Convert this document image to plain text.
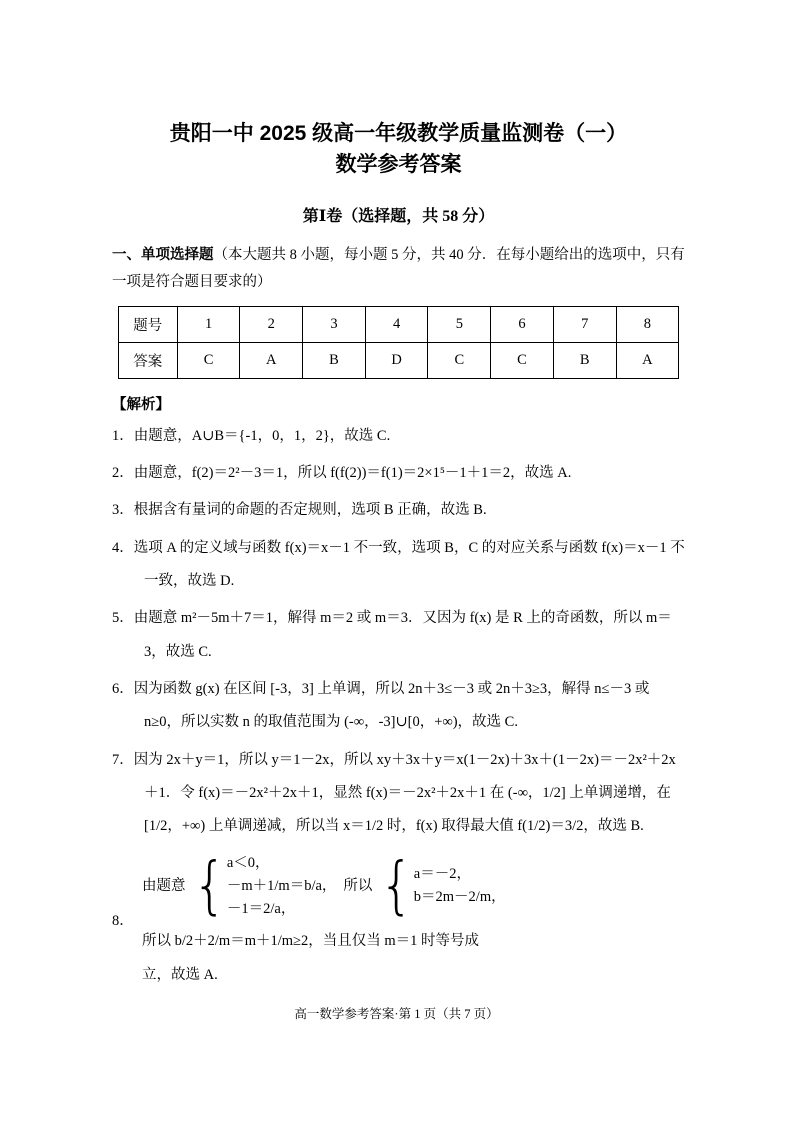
贵阳一中 2025 级高一年级教学质量监测卷（一）
数学参考答案
第Ⅰ卷（选择题，共 58 分）

一、单项选择题（本大题共 8 小题，每小题 5 分，共 40 分．在每小题给出的选项中，只有一项是符合题目要求的）

题号	1	2	3	4	5	6	7	8
答案	C	A	B	D	C	C	B	A
【解析】

1．由题意，A∪B＝{-1，0，1，2}，故选 C.

2．由题意，f(2)＝2²－3＝1，所以 f(f(2))＝f(1)＝2×1⁵－1＋1＝2，故选 A.

3．根据含有量词的命题的否定规则，选项 B 正确，故选 B.

4．选项 A 的定义域与函数 f(x)＝x－1 不一致，选项 B，C 的对应关系与函数 f(x)＝x－1 不一致，故选 D.

5．由题意 m²－5m＋7＝1，解得 m＝2 或 m＝3．又因为 f(x) 是 R 上的奇函数，所以 m＝3，故选 C.

6．因为函数 g(x) 在区间 [-3，3] 上单调，所以 2n＋3≤－3 或 2n＋3≥3，解得 n≤－3 或 n≥0，所以实数 n 的取值范围为 (-∞，-3]∪[0，+∞)，故选 C.

7．因为 2x＋y＝1，所以 y＝1－2x，所以 xy＋3x＋y＝x(1－2x)＋3x＋(1－2x)＝－2x²＋2x＋1．令 f(x)＝－2x²＋2x＋1，显然 f(x)＝－2x²＋2x＋1 在 (-∞，1/2] 上单调递增，在 [1/2，+∞) 上单调递减，所以当 x＝1/2 时，f(x) 取得最大值 f(1/2)＝3/2，故选 B.

8．
由题意 { a＜0，
－m＋1/m＝b/a，
－1＝2/a，
所以 { a＝－2，
b＝2m－2/m，
所以 b/2＋2/m＝m＋1/m≥2，当且仅当 m＝1 时等号成
立，故选 A.
高一数学参考答案·第 1 页（共 7 页）
